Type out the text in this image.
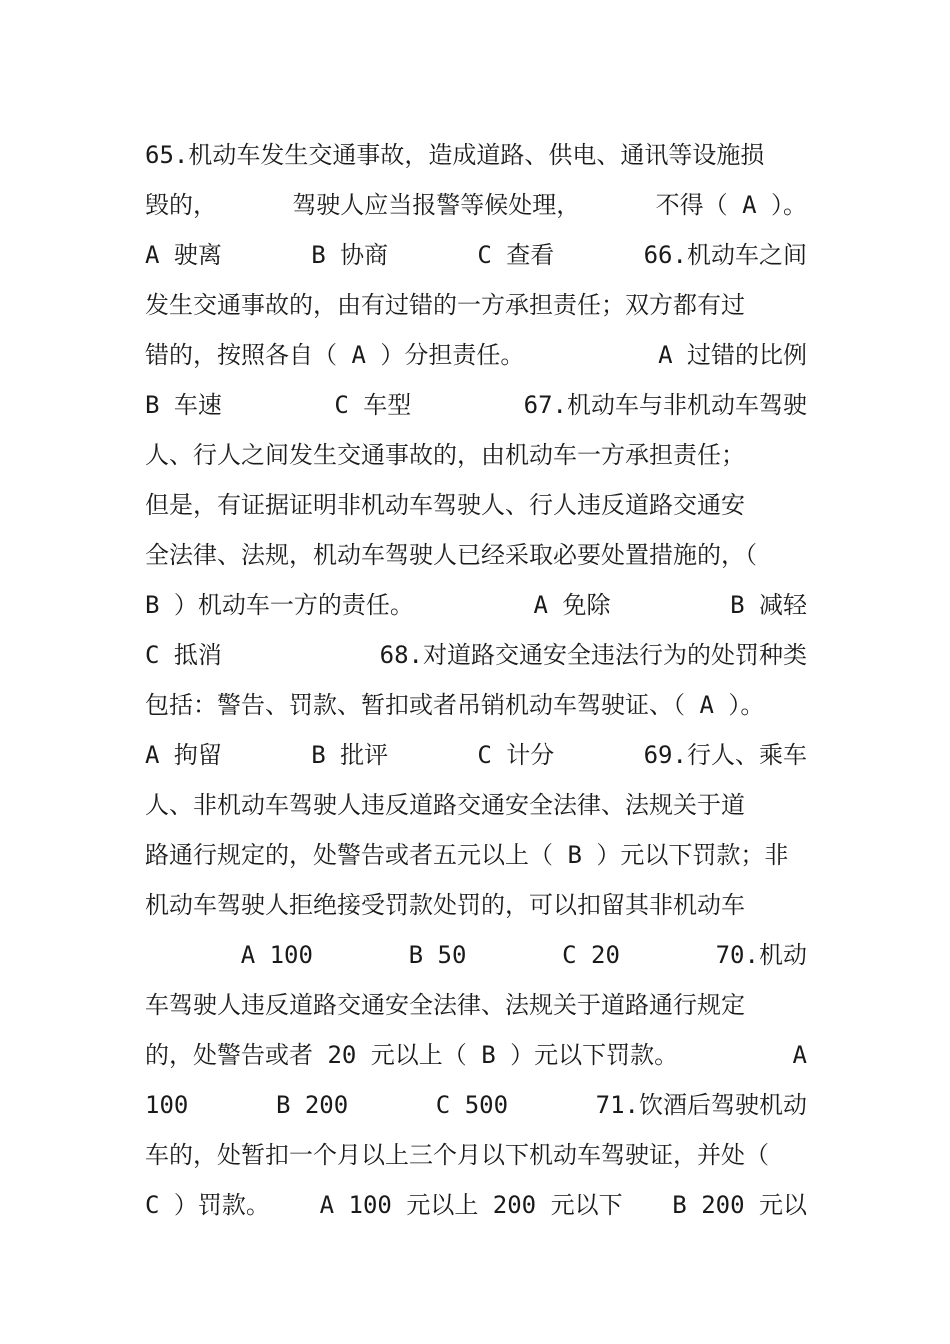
65.机动车发生交通事故，造成道路、供电、通讯等设施损
毁的，	驾驶人应当报警等候处理，	不得（ A ）。
A 驶离	B 协商	C 查看	66.机动车之间
发生交通事故的，由有过错的一方承担责任；双方都有过
错的，按照各自（ A ）分担责任。	A 过错的比例
B 车速	C 车型	67.机动车与非机动车驾驶
人、行人之间发生交通事故的，由机动车一方承担责任；
但是，有证据证明非机动车驾驶人、行人违反道路交通安
全法律、法规，机动车驾驶人已经采取必要处置措施的，（
B ）机动车一方的责任。	A 免除	B 减轻
C 抵消	68.对道路交通安全违法行为的处罚种类
包括：警告、罚款、暂扣或者吊销机动车驾驶证、（ A ）。
A 拘留	B 批评	C 计分	69.行人、乘车
人、非机动车驾驶人违反道路交通安全法律、法规关于道
路通行规定的，处警告或者五元以上（ B ）元以下罚款；非
机动车驾驶人拒绝接受罚款处罚的，可以扣留其非机动车
A 100	B 50	C 20	70.机动
车驾驶人违反道路交通安全法律、法规关于道路通行规定
的，处警告或者 20 元以上（ B ）元以下罚款。	A
100	B 200	C 500	71.饮酒后驾驶机动
车的，处暂扣一个月以上三个月以下机动车驾驶证，并处（
C ）罚款。 A 100 元以上 200 元以下 B 200 元以
